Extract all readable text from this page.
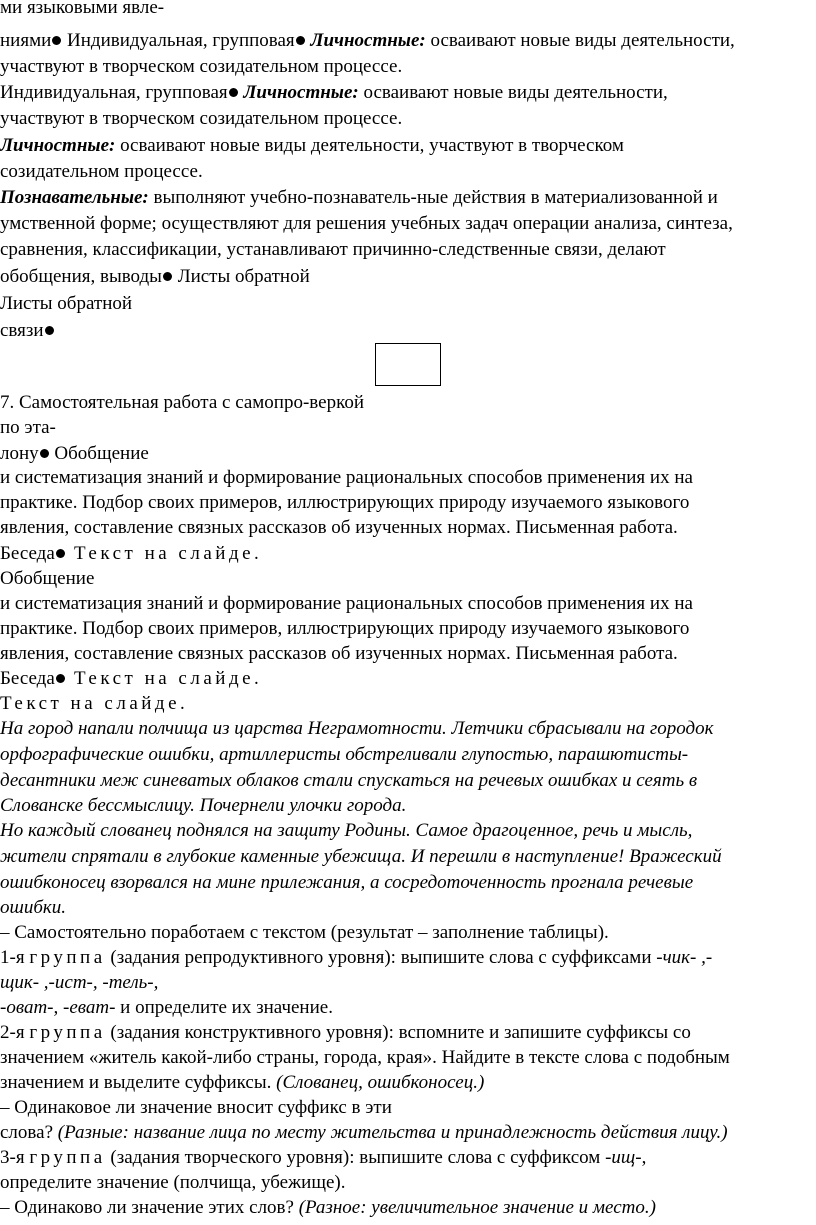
ми языковыми явле-

ниями Индивидуальная, групповая Личностные: осваивают новые виды деятельности,

участвуют в творческом созидательном процессе.

Индивидуальная, групповая Личностные: осваивают новые виды деятельности,

участвуют в творческом созидательном процессе.

Личностные: осваивают новые виды деятельности, участвуют в творческом

созидательном процессе.

Познавательные: выполняют учебно-познаватель-ные действия в материализованной и

умственной форме; осуществляют для решения учебных задач операции анализа, синтеза,

сравнения, классификации, устанавливают причинно-следственные связи, делают

обобщения, выводы Листы обратной

Листы обратной

связи

7. Самостоятельная работа с самопро-веркой

по эта-

лону Обобщение

и систематизация знаний и формирование рациональных способов применения их на

практике. Подбор своих примеров, иллюстрирующих природу изучаемого языкового

явления, составление связных рассказов об изученных нормах. Письменная работа.

Беседа Текст на слайде.

Обобщение

и систематизация знаний и формирование рациональных способов применения их на

практике. Подбор своих примеров, иллюстрирующих природу изучаемого языкового

явления, составление связных рассказов об изученных нормах. Письменная работа.

Беседа Текст на слайде.

Текст на слайде.

На город напали полчища из царства Неграмотности. Летчики сбрасывали на городок

орфографические ошибки, артиллеристы обстреливали глупостью, парашютисты-

десантники меж синеватых облаков стали спускаться на речевых ошибках и сеять в

Слованске бессмыслицу. Почернели улочки города.

Но каждый слованец поднялся на защиту Родины. Самое драгоценное, речь и мысль,

жители спрятали в глубокие каменные убежища. И перешли в наступление! Вражеский

ошибконосец взорвался на мине прилежания, а сосредоточенность прогнала речевые

ошибки.

– Самостоятельно поработаем с текстом (результат – заполнение таблицы).

1-я группа (задания репродуктивного уровня): выпишите слова с суффиксами -чик- ,-

щик- ,-ист-, -тель-,

-оват-, -еват- и определите их значение.

2-я группа (задания конструктивного уровня): вспомните и запишите суффиксы со

значением «житель какой-либо страны, города, края». Найдите в тексте слова с подобным

значением и выделите суффиксы. (Слованец, ошибконосец.)

– Одинаковое ли значение вносит суффикс в эти

слова? (Разные: название лица по месту жительства и принадлежность действия лицу.)

3-я группа (задания творческого уровня): выпишите слова с суффиксом -ищ-,

определите значение (полчища, убежище).

– Одинаково ли значение этих слов? (Разное: увеличительное значение и место.)
